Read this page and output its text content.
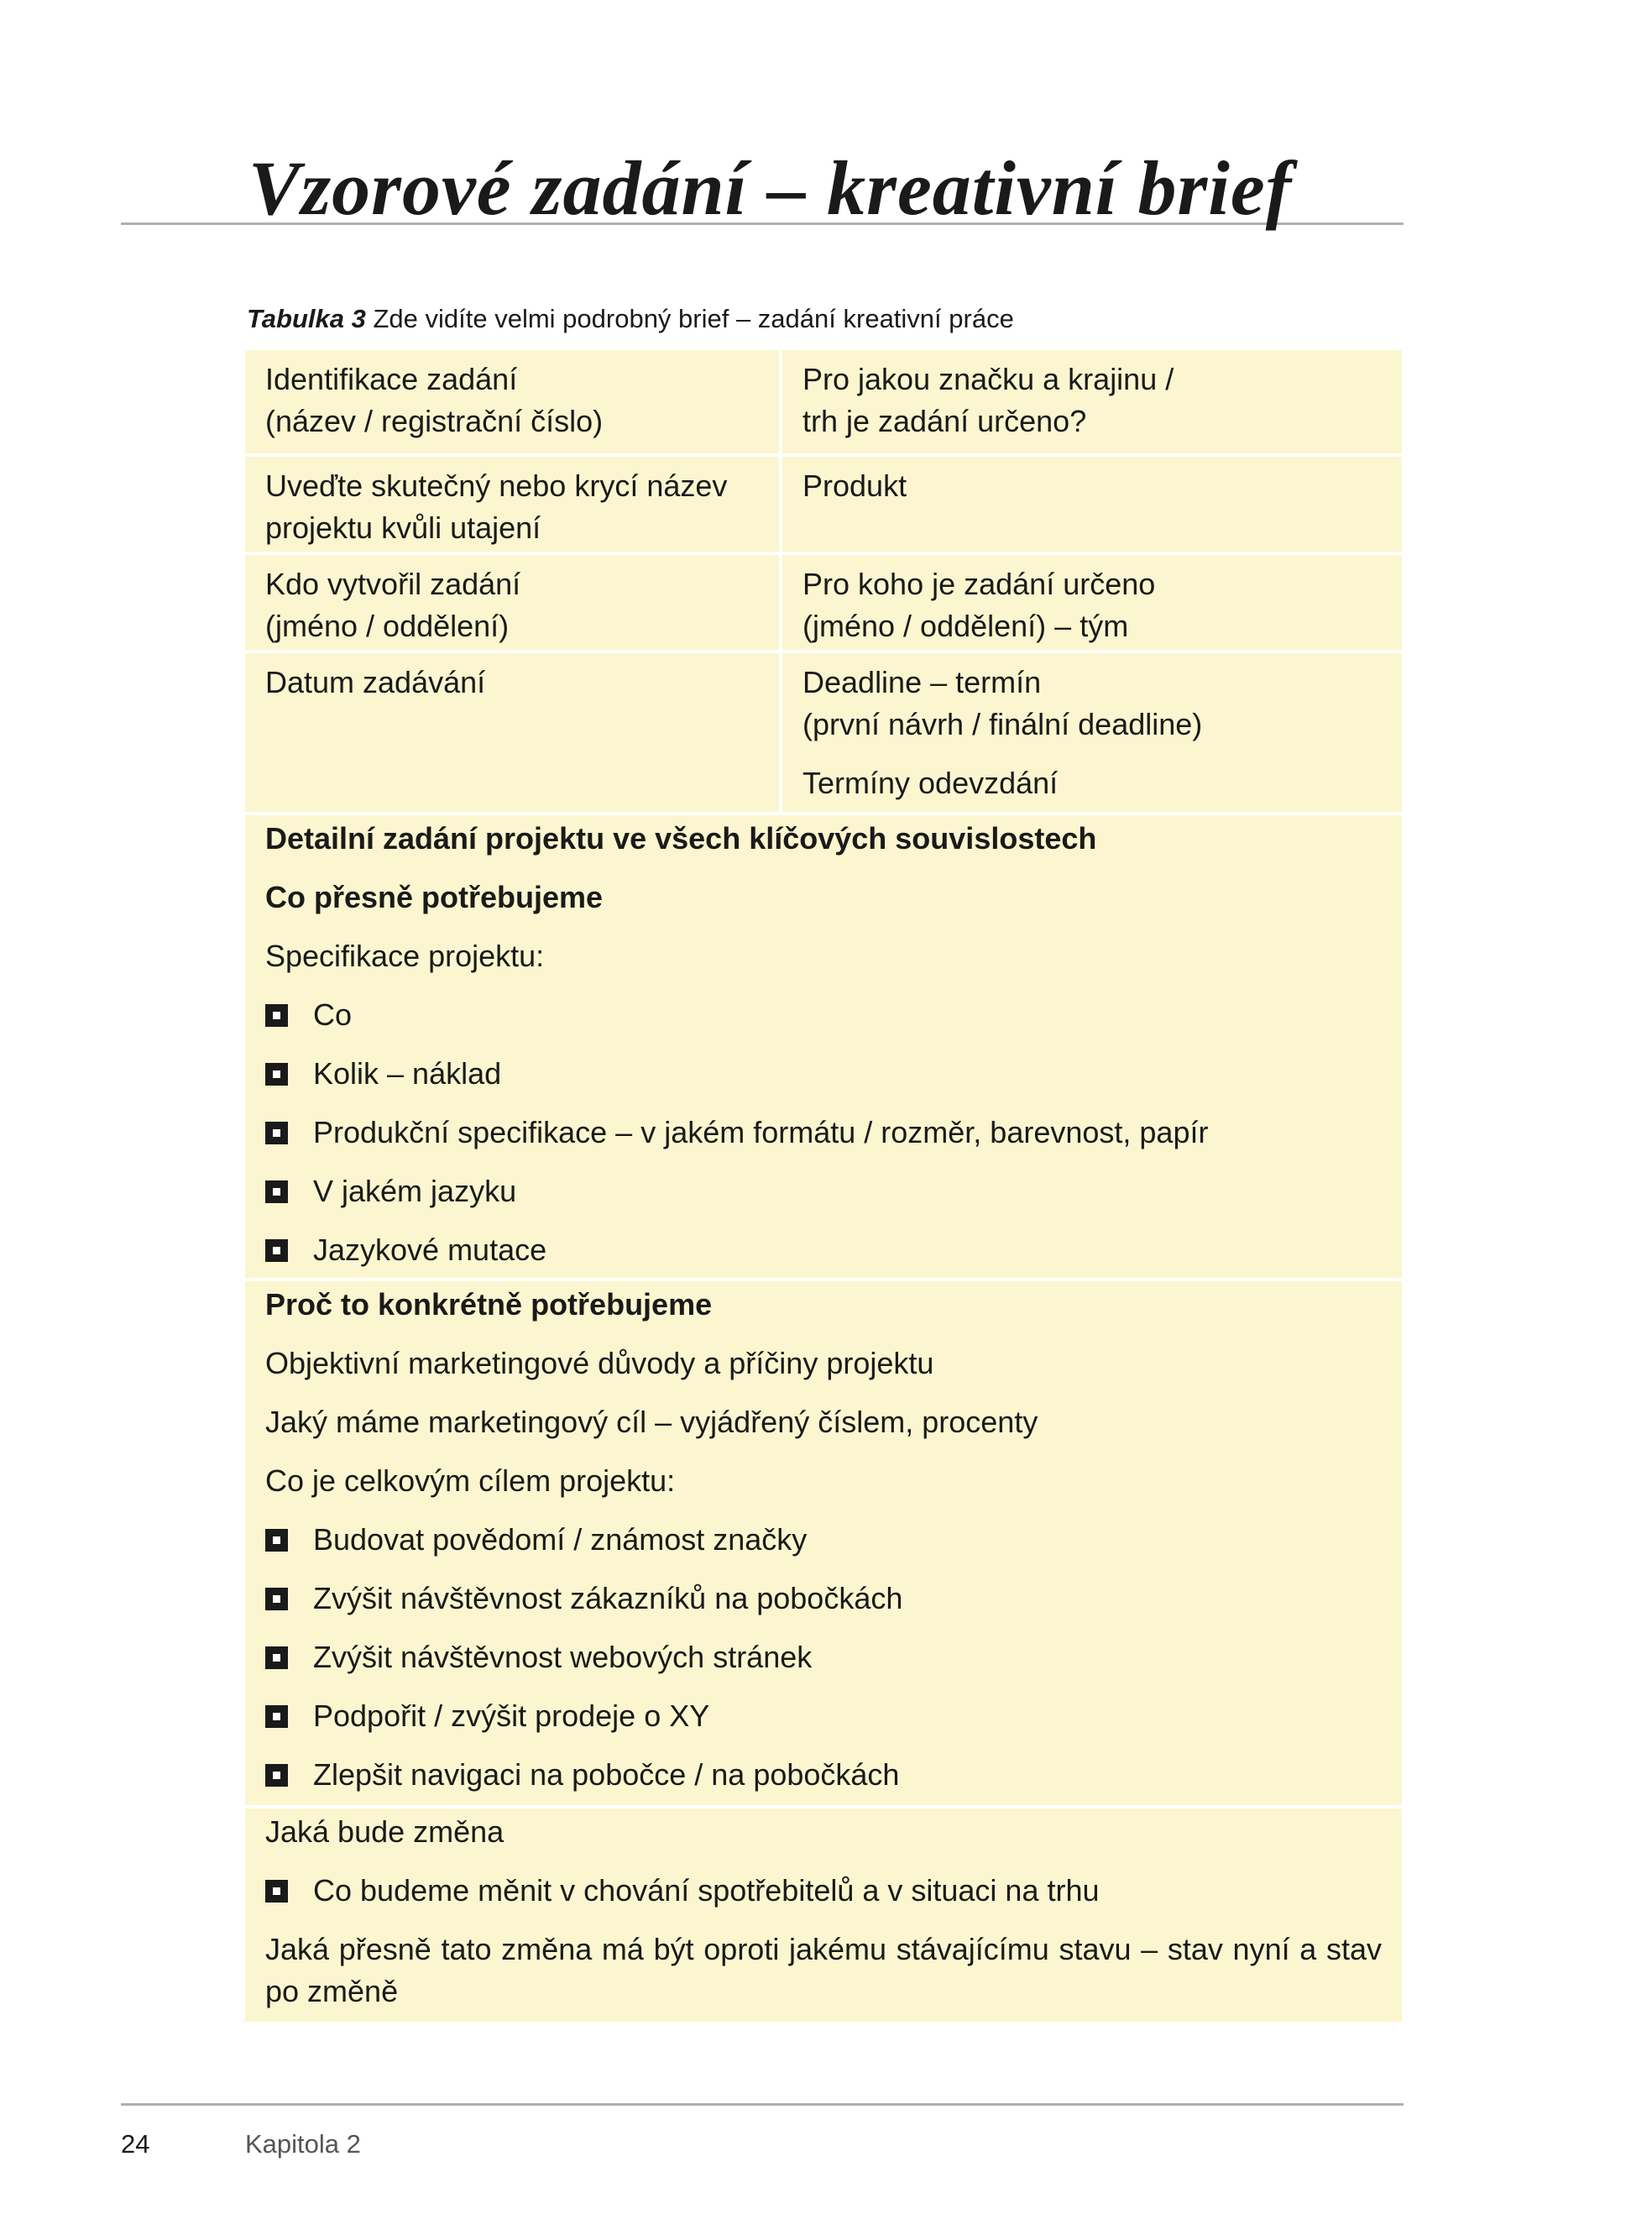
Vzorové zadání – kreativní brief
Tabulka 3 Zde vidíte velmi podrobný brief – zadání kreativní práce
Identifikace zadání
(název / registrační číslo)
Pro jakou značku a krajinu /
trh je zadání určeno?
Uveďte skutečný nebo krycí název
projektu kvůli utajení
Produkt
Kdo vytvořil zadání
(jméno / oddělení)
Pro koho je zadání určeno
(jméno / oddělení) – tým
Datum zadávání	Deadline – termín
(první návrh / finální deadline)
Termíny odevzdání
Detailní zadání projektu ve všech klíčových souvislostech
Co přesně potřebujeme
Specifikace projektu:
Co
Kolik – náklad
Produkční specifikace – v jakém formátu / rozměr, barevnost, papír
V jakém jazyku
Jazykové mutace
Proč to konkrétně potřebujeme
Objektivní marketingové důvody a příčiny projektu
Jaký máme marketingový cíl – vyjádřený číslem, procenty
Co je celkovým cílem projektu:
Budovat povědomí / známost značky
Zvýšit návštěvnost zákazníků na pobočkách
Zvýšit návštěvnost webových stránek
Podpořit / zvýšit prodeje o XY
Zlepšit navigaci na pobočce / na pobočkách
Jaká bude změna
Co budeme měnit v chování spotřebitelů a v situaci na trhu
Jaká přesně tato změna má být oproti jakému stávajícímu stavu – stav nyní a stav po změně
24	Kapitola 2
